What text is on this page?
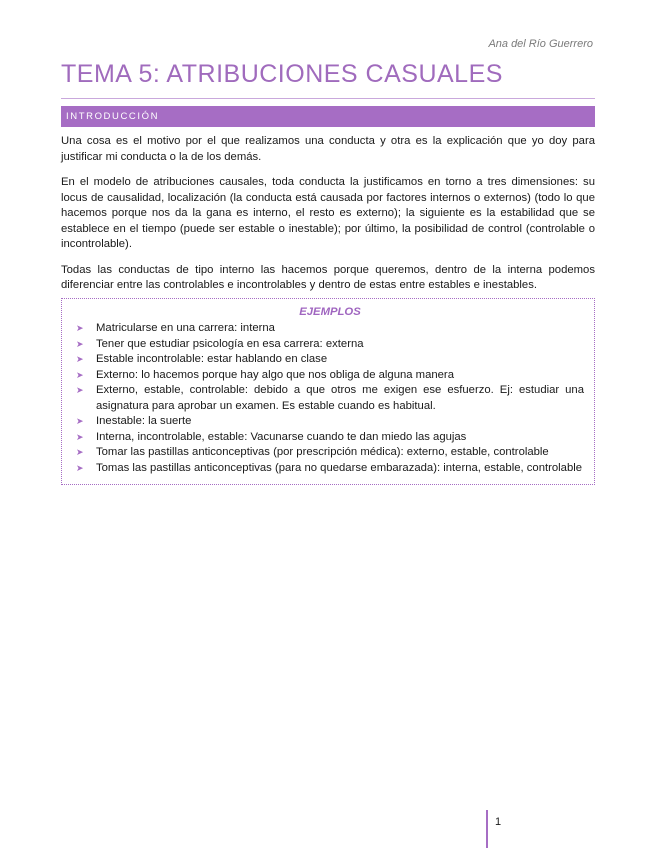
Ana del Río Guerrero
TEMA 5: ATRIBUCIONES CASUALES
INTRODUCCIÓN

Una cosa es el motivo por el que realizamos una conducta y otra es la explicación que yo doy para justificar mi conducta o la de los demás.

En el modelo de atribuciones causales, toda conducta la justificamos en torno a tres dimensiones: su locus de causalidad, localización (la conducta está causada por factores internos o externos) (todo lo que hacemos porque nos da la gana es interno, el resto es externo); la siguiente es la estabilidad que se establece en el tiempo (puede ser estable o inestable); por último, la posibilidad de control (controlable o incontrolable).

Todas las conductas de tipo interno las hacemos porque queremos, dentro de la interna podemos diferenciar entre las controlables e incontrolables y dentro de estas entre estables e inestables.

EJEMPLOS
➤ Matricularse en una carrera: interna
➤ Tener que estudiar psicología en esa carrera: externa
➤ Estable incontrolable: estar hablando en clase
➤ Externo: lo hacemos porque hay algo que nos obliga de alguna manera
➤ Externo, estable, controlable: debido a que otros me exigen ese esfuerzo. Ej: estudiar una asignatura para aprobar un examen. Es estable cuando es habitual.
➤ Inestable: la suerte
➤ Interna, incontrolable, estable: Vacunarse cuando te dan miedo las agujas
➤ Tomar las pastillas anticonceptivas (por prescripción médica): externo, estable, controlable
➤ Tomas las pastillas anticonceptivas (para no quedarse embarazada): interna, estable, controlable
1
